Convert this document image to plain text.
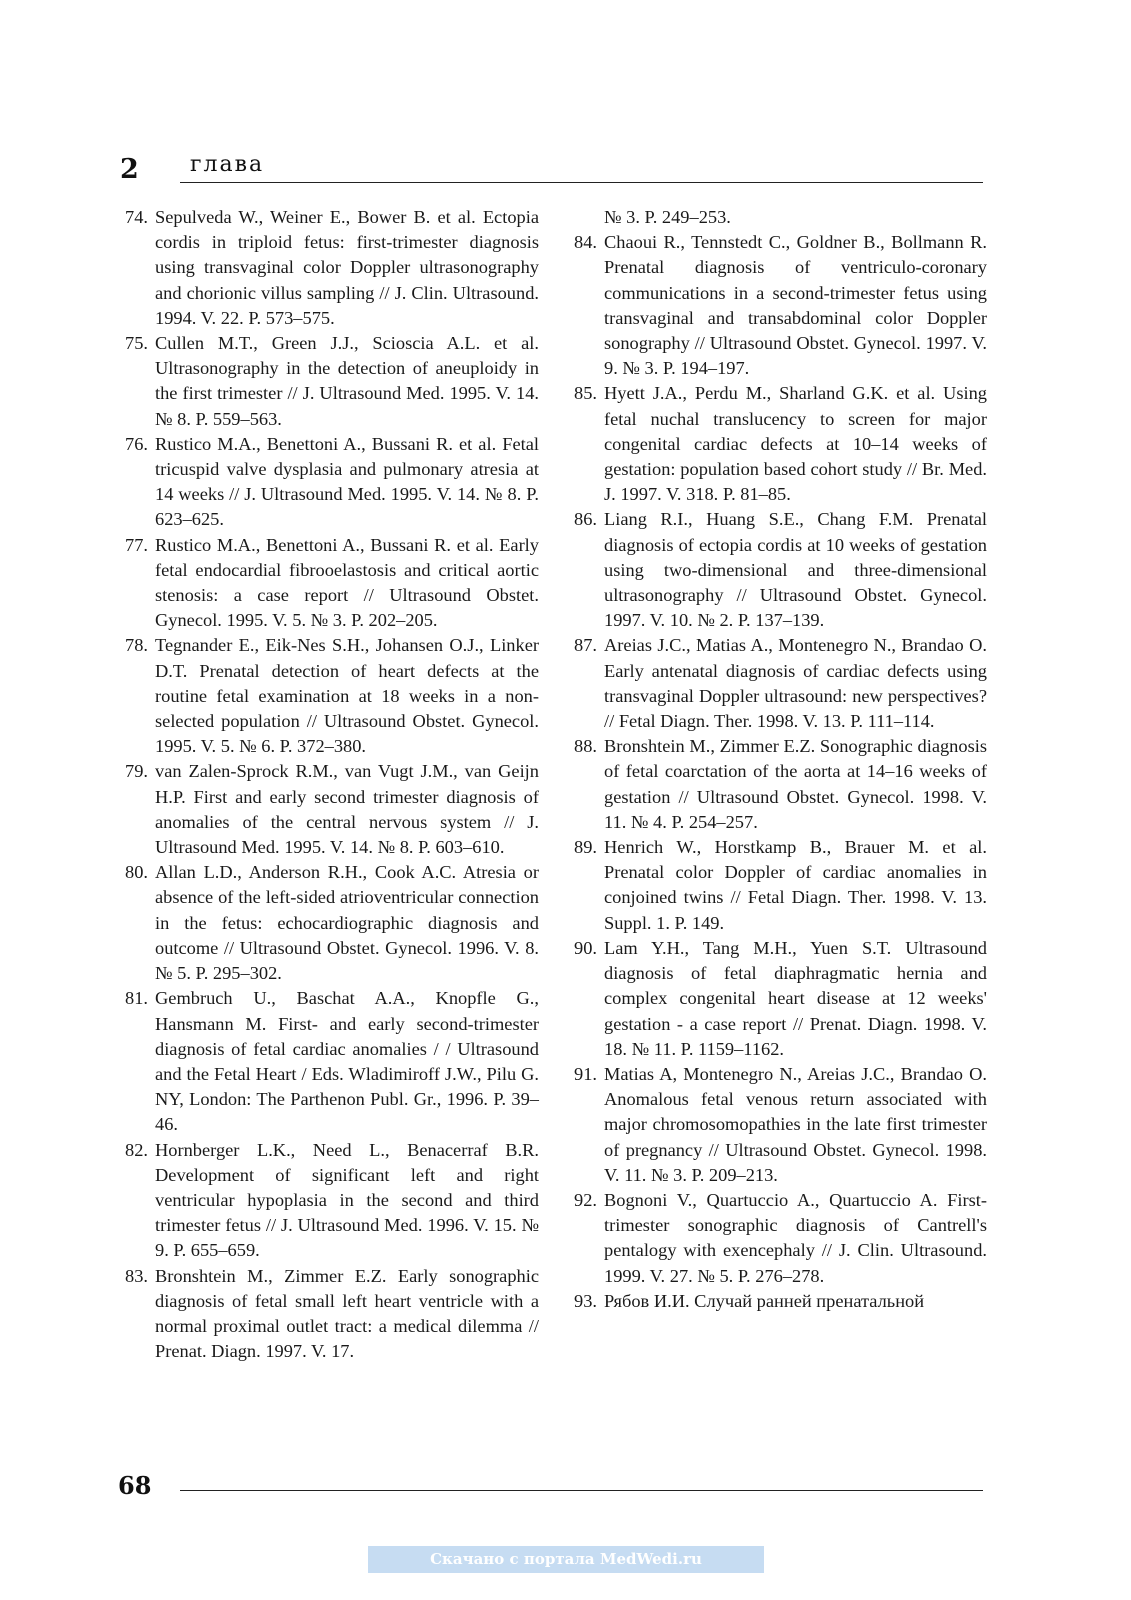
2 глава
74. Sepulveda W., Weiner E., Bower B. et al. Ectopia cordis in triploid fetus: first-trimester diagnosis using transvaginal color Doppler ultrasonography and chorionic villus sampling // J. Clin. Ultrasound. 1994. V. 22. P. 573–575.
75. Cullen M.T., Green J.J., Scioscia A.L. et al. Ultrasonography in the detection of aneuploidy in the first trimester // J. Ultrasound Med. 1995. V. 14. № 8. P. 559–563.
76. Rustico M.A., Benettoni A., Bussani R. et al. Fetal tricuspid valve dysplasia and pulmonary atresia at 14 weeks // J. Ultrasound Med. 1995. V. 14. № 8. P. 623–625.
77. Rustico M.A., Benettoni A., Bussani R. et al. Early fetal endocardial fibrooelastosis and critical aortic stenosis: a case report // Ultrasound Obstet. Gynecol. 1995. V. 5. № 3. P. 202–205.
78. Tegnander E., Eik-Nes S.H., Johansen O.J., Linker D.T. Prenatal detection of heart defects at the routine fetal examination at 18 weeks in a non-selected population // Ultrasound Obstet. Gynecol. 1995. V. 5. № 6. P. 372–380.
79. van Zalen-Sprock R.M., van Vugt J.M., van Geijn H.P. First and early second trimester diagnosis of anomalies of the central nervous system // J. Ultrasound Med. 1995. V. 14. № 8. P. 603–610.
80. Allan L.D., Anderson R.H., Cook A.C. Atresia or absence of the left-sided atrioventricular connection in the fetus: echocardiographic diagnosis and outcome // Ultrasound Obstet. Gynecol. 1996. V. 8. № 5. P. 295–302.
81. Gembruch U., Baschat A.A., Knopfle G., Hansmann M. First- and early second-trimester diagnosis of fetal cardiac anomalies / / Ultrasound and the Fetal Heart / Eds. Wladimiroff J.W., Pilu G. NY, London: The Parthenon Publ. Gr., 1996. P. 39–46.
82. Hornberger L.K., Need L., Benacerraf B.R. Development of significant left and right ventricular hypoplasia in the second and third trimester fetus // J. Ultrasound Med. 1996. V. 15. № 9. P. 655–659.
83. Bronshtein M., Zimmer E.Z. Early sonographic diagnosis of fetal small left heart ventricle with a normal proximal outlet tract: a medical dilemma // Prenat. Diagn. 1997. V. 17.
№ 3. P. 249–253.
84. Chaoui R., Tennstedt C., Goldner B., Bollmann R. Prenatal diagnosis of ventriculo-coronary communications in a second-trimester fetus using transvaginal and transabdominal color Doppler sonography // Ultrasound Obstet. Gynecol. 1997. V. 9. № 3. P. 194–197.
85. Hyett J.A., Perdu M., Sharland G.K. et al. Using fetal nuchal translucency to screen for major congenital cardiac defects at 10–14 weeks of gestation: population based cohort study // Br. Med. J. 1997. V. 318. P. 81–85.
86. Liang R.I., Huang S.E., Chang F.M. Prenatal diagnosis of ectopia cordis at 10 weeks of gestation using two-dimensional and three-dimensional ultrasonography // Ultrasound Obstet. Gynecol. 1997. V. 10. № 2. P. 137–139.
87. Areias J.C., Matias A., Montenegro N., Brandao O. Early antenatal diagnosis of cardiac defects using transvaginal Doppler ultrasound: new perspectives? // Fetal Diagn. Ther. 1998. V. 13. P. 111–114.
88. Bronshtein M., Zimmer E.Z. Sonographic diagnosis of fetal coarctation of the aorta at 14–16 weeks of gestation // Ultrasound Obstet. Gynecol. 1998. V. 11. № 4. P. 254–257.
89. Henrich W., Horstkamp B., Brauer M. et al. Prenatal color Doppler of cardiac anomalies in conjoined twins // Fetal Diagn. Ther. 1998. V. 13. Suppl. 1. P. 149.
90. Lam Y.H., Tang M.H., Yuen S.T. Ultrasound diagnosis of fetal diaphragmatic hernia and complex congenital heart disease at 12 weeks' gestation - a case report // Prenat. Diagn. 1998. V. 18. № 11. P. 1159–1162.
91. Matias A, Montenegro N., Areias J.C., Brandao O. Anomalous fetal venous return associated with major chromosomopathies in the late first trimester of pregnancy // Ultrasound Obstet. Gynecol. 1998. V. 11. № 3. P. 209–213.
92. Bognoni V., Quartuccio A., Quartuccio A. First-trimester sonographic diagnosis of Cantrell's pentalogy with exencephaly // J. Clin. Ultrasound. 1999. V. 27. № 5. P. 276–278.
93. Рябов И.И. Случай ранней пренатальной
68
Скачано с портала MedWedi.ru
